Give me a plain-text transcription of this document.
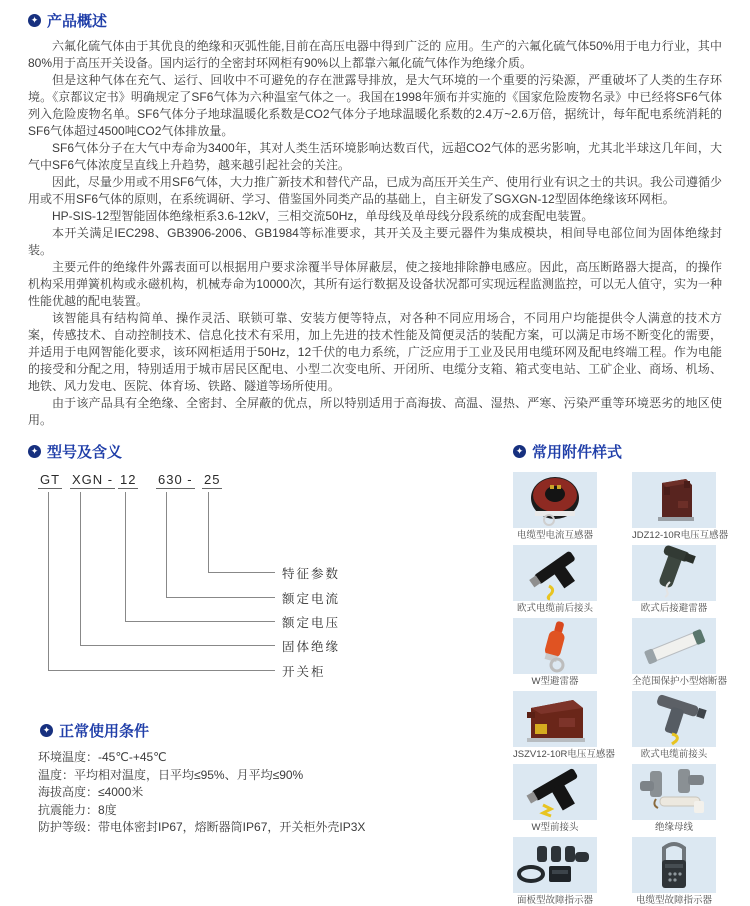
✦ 产品概述

六氟化硫气体由于其优良的绝缘和灭弧性能,目前在高压电器中得到广泛的 应用。生产的六氟化硫气体50%用于电力行业，其中80%用于高压开关设备。国内运行的全密封环网柜有90%以上都靠六氟化硫气体作为绝缘介质。

但是这种气体在充气、运行、回收中不可避免的存在泄露导排放，是大气环境的一个重要的污染源，严重破坏了人类的生存环境。《京都议定书》明确规定了SF6气体为六种温室气体之一。我国在1998年颁布并实施的《国家危险废物名录》中已经将SF6气体列入危险废物名单。SF6气体分子地球温暖化系数是CO2气体分子地球温暖化系数的2.4万~2.6万倍，据统计，每年配电系统消耗的SF6气体超过4500吨CO2气体排放量。

SF6气体分子在大气中寿命为3400年，其对人类生活环境影响达数百代，远超CO2气体的恶劣影响，尤其北半球这几年间，大气中SF6气体浓度呈直线上升趋势，越来越引起社会的关注。

因此，尽量少用或不用SF6气体，大力推广新技术和替代产品，已成为高压开关生产、使用行业有识之士的共识。我公司遵循少用或不用SF6气体的原则，在系统调研、学习、借鉴国外同类产品的基础上，自主研发了SGXGN-12型固体绝缘该环网柜。

HP-SIS-12型智能固体绝缘柜系3.6-12kV，三相交流50Hz，单母线及单母线分段系统的成套配电装置。

本开关满足IEC298、GB3906-2006、GB1984等标准要求，其开关及主要元器件为集成模块，相间导电部位间为固体绝缘封装。

主要元件的绝缘件外露表面可以根据用户要求涂覆半导体屏蔽层，使之接地排除静电感应。因此，高压断路器大提高，的操作机构采用弹簧机构或永磁机构，机械寿命为10000次，其所有运行数据及设备状况都可实现远程监测监控，可以无人值守，实为一种性能优越的配电装置。

该智能具有结构简单、操作灵活、联锁可靠、安装方便等特点，对各种不同应用场合，不同用户均能提供令人满意的技术方案，传感技术、自动控制技术、信息化技术有采用，加上先进的技术性能及简便灵活的装配方案，可以满足市场不断变化的需要，并适用于电网智能化要求，该环网柜适用于50Hz，12千伏的电力系统，广泛应用于工业及民用电缆环网及配电终端工程。作为电能的接受和分配之用，特别适用于城市居民区配电、小型二次变电所、开闭所、电缆分支箱、箱式变电站、工矿企业、商场、机场、地铁、风力发电、医院、体育场、铁路、隧道等场所使用。

由于该产品具有全绝缘、全密封、全屏蔽的优点，所以特别适用于高海拔、高温、湿热、严寒、污染严重等环境恶劣的地区使用。

✦ 型号及含义
GT XGN - 12 630 - 25
特征参数
额定电流
额定电压
固体绝缘
开关柜
✦ 正常使用条件

环境温度：-45℃-+45℃

温度：平均相对温度，日平均≤95%、月平均≤90%

海拔高度：≤4000米

抗震能力：8度

防护等级：带电体密封IP67，熔断器筒IP67，开关柜外壳IP3X

✦ 常用附件样式
电缆型电流互感器	JDZ12-10R电压互感器
欧式电缆前后接头	欧式后接避雷器
W型避雷器	全范围保护小型熔断器
JSZV12-10R电压互感器	欧式电缆前接头
W型前接头	绝缘母线
面板型故障指示器	电缆型故障指示器
